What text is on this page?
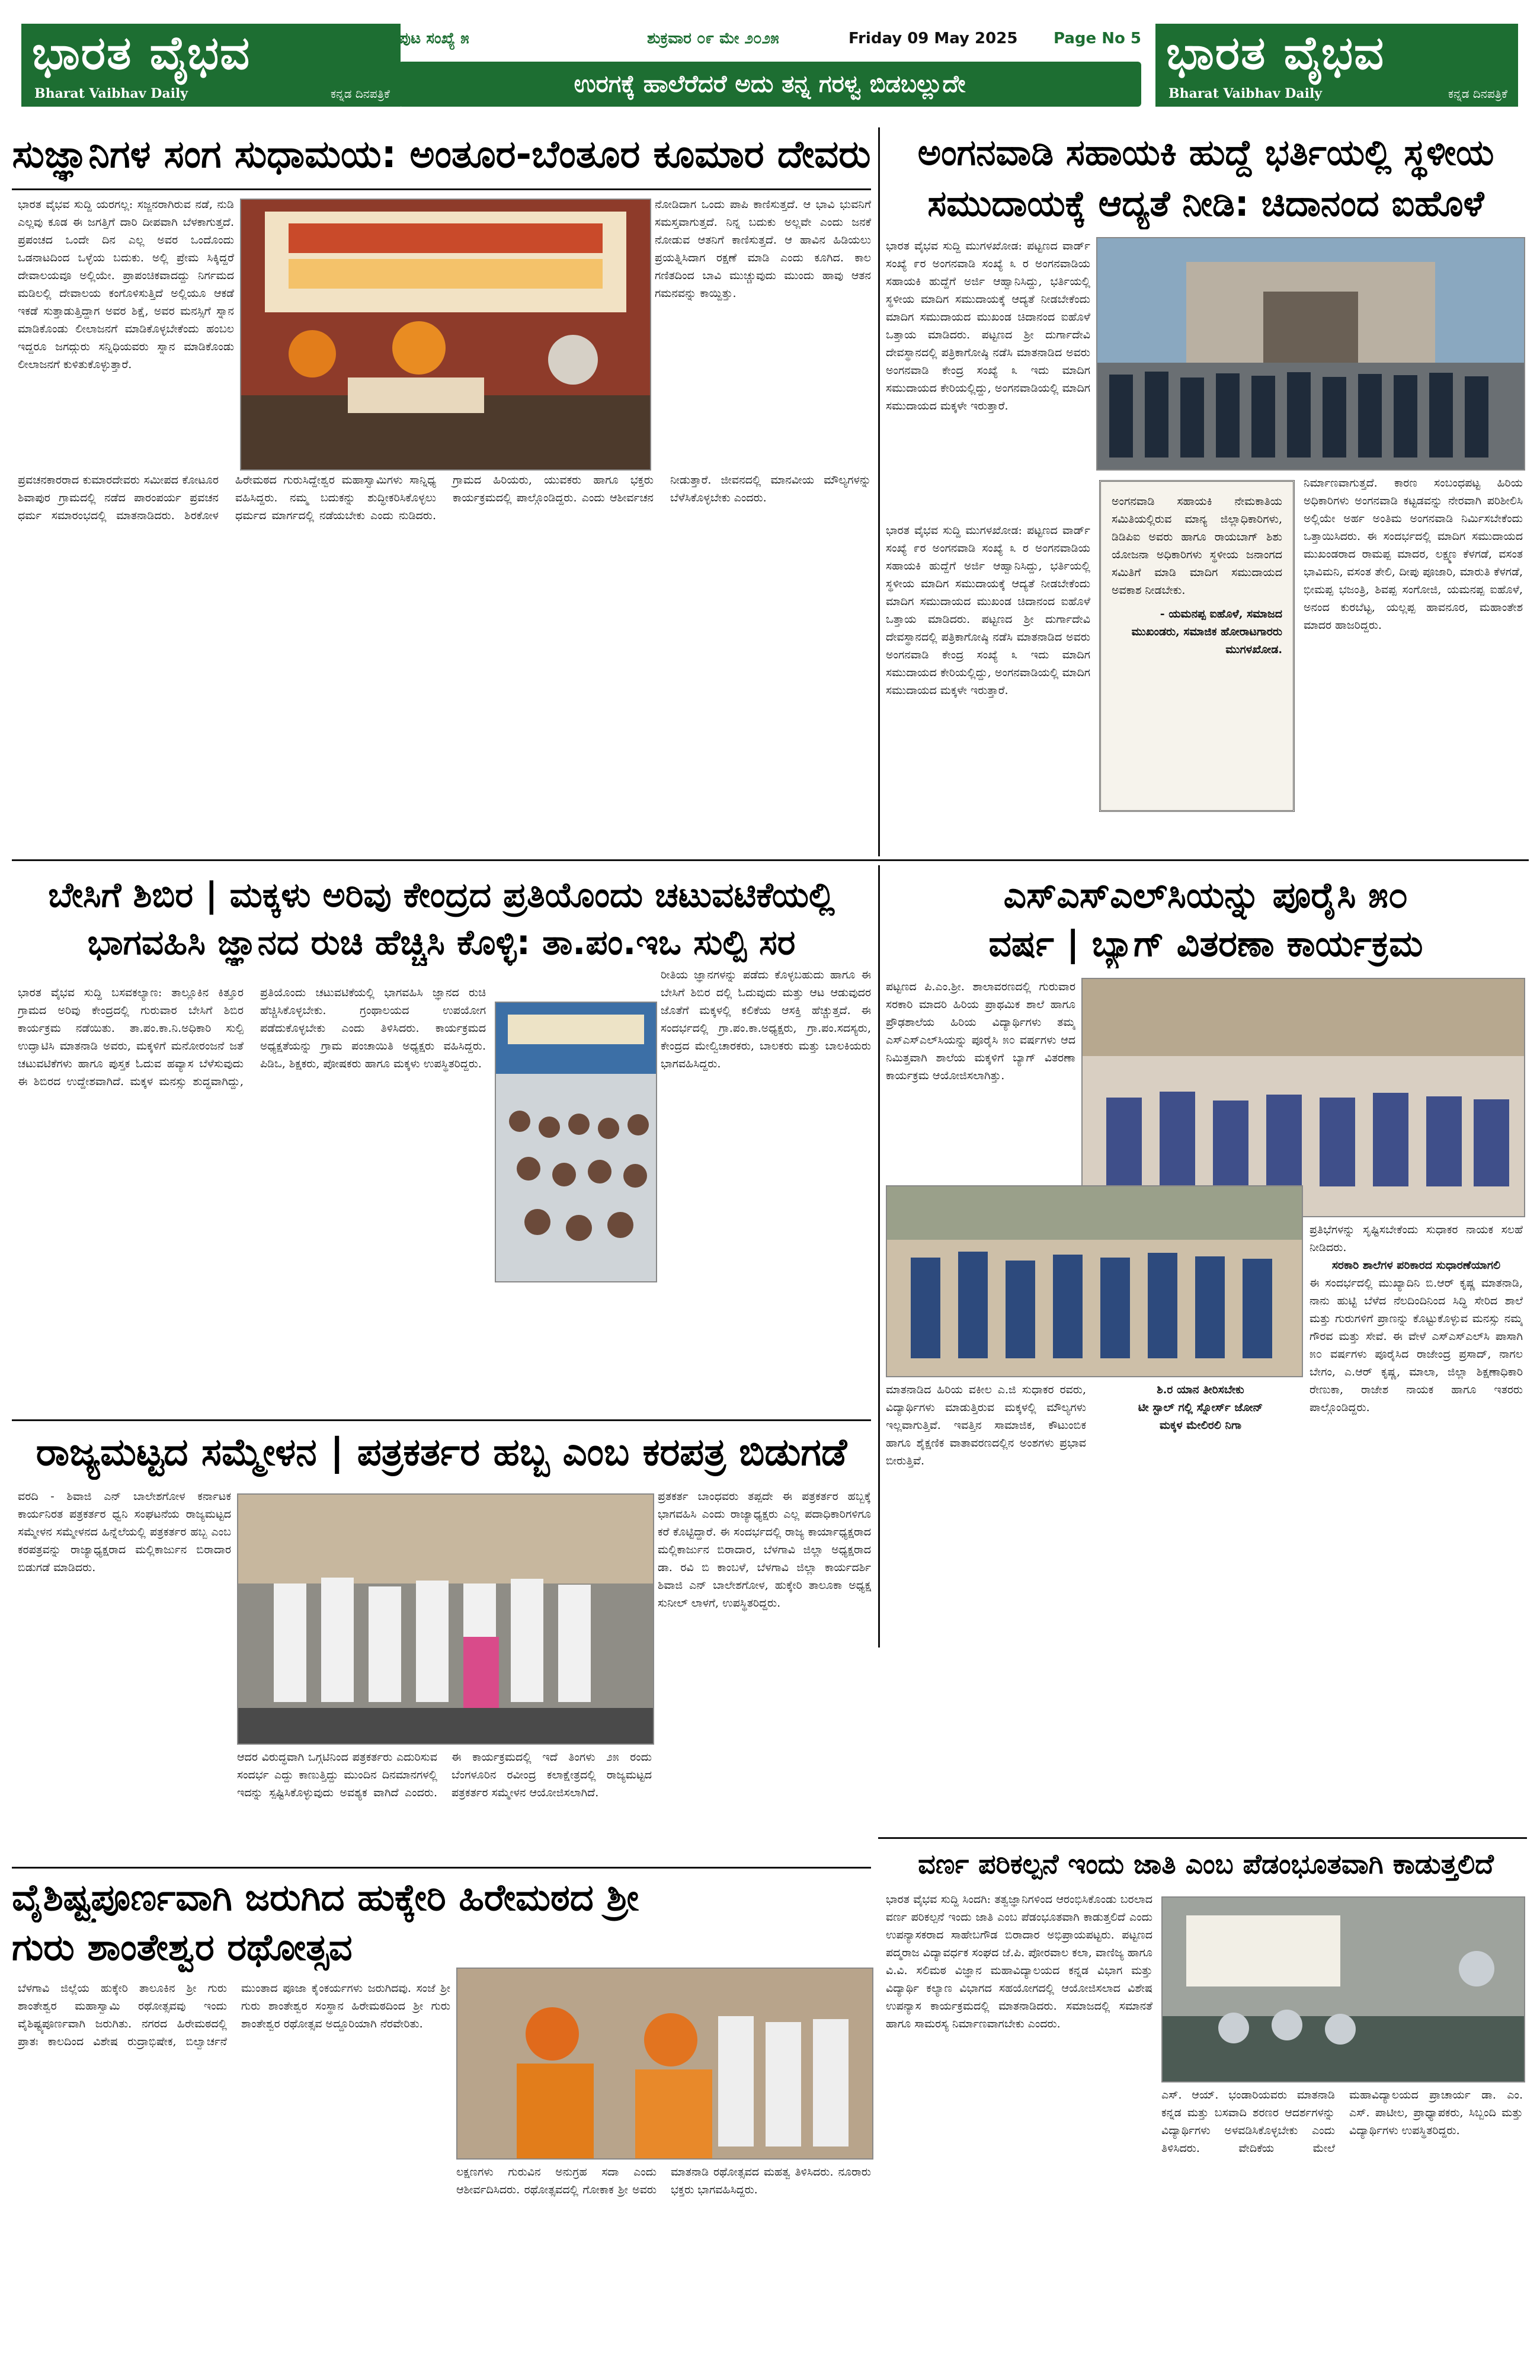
ಭಾರತ ವೈಭವ
Bharat Vaibhav Daily	ಕನ್ನಡ ದಿನಪತ್ರಿಕೆ
ಭಾರತ ವೈಭವ
Bharat Vaibhav Daily	ಕನ್ನಡ ದಿನಪತ್ರಿಕೆ
ಪುಟ ಸಂಖ್ಯೆ ೫	ಶುಕ್ರವಾರ ೦೯ ಮೇ ೨೦೨೫	Friday 09 May 2025 Page No 5
ಉರಗಕ್ಕೆ ಹಾಲೆರೆದರೆ ಅದು ತನ್ನ ಗರಳ್ವ ಬಿಡಬಲ್ಲುದೇ
ಸುಜ್ಞಾನಿಗಳ ಸಂಗ ಸುಧಾಮಯ: ಅಂತೂರ-ಬೆಂತೂರ ಕೂಮಾರ ದೇವರು
ಭಾರತ ವೈಭವ ಸುದ್ದಿ ಯರಗಲ್ಲ: ಸಜ್ಜನರಾಗಿರುವ ನಡೆ, ನುಡಿ ಎಲ್ಲವು ಕೂಡ ಈ ಜಗತ್ತಿಗೆ ದಾರಿ ದೀಪವಾಗಿ ಬೆಳಕಾಗುತ್ತದೆ. ಪ್ರಪಂಚದ ಒಂದೇ ದಿನ ಎಲ್ಲ ಅವರ ಒಂದೊಂದು ಒಡನಾಟದಿಂದ ಒಳ್ಳೆಯ ಬದುಕು. ಅಲ್ಲಿ ಪ್ರೇಮ ಸಿಕ್ಕಿದ್ದರೆ ದೇವಾಲಯವೂ ಅಲ್ಲಿಯೇ. ಪ್ರಾಪಂಚಿಕವಾದದ್ದು ನಿರ್ಗಮದ ಮಡಿಲಲ್ಲಿ ದೇವಾಲಯ ಕಂಗೊಳಿಸುತ್ತಿದೆ ಅಲ್ಲಿಯೂ ಆಕಡೆ ಇಕಡೆ ಸುತ್ತಾಡುತ್ತಿದ್ದಾಗ ಅವರ ಶಿಕ್ಷೆ, ಅವರ ಮನಸ್ಸಿಗೆ ಸ್ನಾನ ಮಾಡಿಕೊಂಡು ಲೀಲಾಜನಗೆ ಮಾಡಿಕೊಳ್ಳಬೇಕೆಂದು ಹಂಬಲ ಇದ್ದರೂ ಜಗದ್ಗುರು ಸನ್ನಿಧಿಯವರು ಸ್ನಾನ ಮಾಡಿಕೊಂಡು ಲೀಲಾಜನಗೆ ಕುಳಿತುಕೊಳ್ಳುತ್ತಾರೆ.
ನೋಡಿದಾಗ ಒಂದು ಪಾಪಿ ಕಾಣಿಸುತ್ತದೆ. ಆ ಭಾವಿ ಭುವನಿಗೆ ಸಮಸ್ತವಾಗುತ್ತದೆ. ನಿನ್ನ ಬದುಕು ಅಲ್ಲವೇ ಎಂದು ಜನಕೆ ನೋಡುವ ಆತನಿಗೆ ಕಾಣಿಸುತ್ತದೆ. ಆ ಹಾವಿನ ಹಿಡಿಯಲು ಪ್ರಯತ್ನಿಸಿದಾಗ ರಕ್ಷಣೆ ಮಾಡಿ ಎಂದು ಕೂಗಿದ. ಕಾಲ ಗಣಿತದಿಂದ ಬಾವಿ ಮುಚ್ಚುವುದು ಮುಂದು ಹಾವು ಆತನ ಗಮನವನ್ನು ಕಾಯ್ದಿತ್ತು.
ಪ್ರವಚನಕಾರರಾದ ಕುಮಾರದೇವರು ಸಮೀಪದ ಕೋಟೂರ ಶಿವಾಪುರ ಗ್ರಾಮದಲ್ಲಿ ನಡೆದ ಪಾರಂಪರ್ಯ ಪ್ರವಚನ ಧರ್ಮ ಸಮಾರಂಭದಲ್ಲಿ ಮಾತನಾಡಿದರು. ಶಿರಕೋಳ ಹಿರೇಮಠದ ಗುರುಸಿದ್ದೇಶ್ವರ ಮಹಾಸ್ವಾಮಿಗಳು ಸಾನ್ನಿಧ್ಯ ವಹಿಸಿದ್ದರು. ನಮ್ಮ ಬದುಕನ್ನು ಶುದ್ಧೀಕರಿಸಿಕೊಳ್ಳಲು ಧರ್ಮದ ಮಾರ್ಗದಲ್ಲಿ ನಡೆಯಬೇಕು ಎಂದು ನುಡಿದರು. ಗ್ರಾಮದ ಹಿರಿಯರು, ಯುವಕರು ಹಾಗೂ ಭಕ್ತರು ಕಾರ್ಯಕ್ರಮದಲ್ಲಿ ಪಾಲ್ಗೊಂಡಿದ್ದರು. ಎಂದು ಆಶೀರ್ವಚನ ನೀಡುತ್ತಾರೆ. ಜೀವನದಲ್ಲಿ ಮಾನವೀಯ ಮೌಲ್ಯಗಳನ್ನು ಬೆಳೆಸಿಕೊಳ್ಳಬೇಕು ಎಂದರು.
ಅಂಗನವಾಡಿ ಸಹಾಯಕಿ ಹುದ್ದೆ ಭರ್ತಿಯಲ್ಲಿ ಸ್ಥಳೀಯ ಸಮುದಾಯಕ್ಕೆ ಆದ್ಯತೆ ನೀಡಿ: ಚಿದಾನಂದ ಐಹೊಳೆ
ಭಾರತ ವೈಭವ ಸುದ್ದಿ ಮುಗಳಖೋಡ: ಪಟ್ಟಣದ ವಾರ್ಡ್ ಸಂಖ್ಯೆ ೯ರ ಅಂಗನವಾಡಿ ಸಂಖ್ಯೆ ೩ ರ ಅಂಗನವಾಡಿಯ ಸಹಾಯಕಿ ಹುದ್ದೆಗೆ ಅರ್ಜಿ ಆಹ್ವಾನಿಸಿದ್ದು, ಭರ್ತಿಯಲ್ಲಿ ಸ್ಥಳೀಯ ಮಾದಿಗ ಸಮುದಾಯಕ್ಕೆ ಆದ್ಯತೆ ನೀಡಬೇಕೆಂದು ಮಾದಿಗ ಸಮುದಾಯದ ಮುಖಂಡ ಚಿದಾನಂದ ಐಹೊಳೆ ಒತ್ತಾಯ ಮಾಡಿದರು. ಪಟ್ಟಣದ ಶ್ರೀ ದುರ್ಗಾದೇವಿ ದೇವಸ್ಥಾನದಲ್ಲಿ ಪತ್ರಿಕಾಗೋಷ್ಠಿ ನಡೆಸಿ ಮಾತನಾಡಿದ ಅವರು ಅಂಗನವಾಡಿ ಕೇಂದ್ರ ಸಂಖ್ಯೆ ೩ ಇದು ಮಾದಿಗ ಸಮುದಾಯದ ಕೇರಿಯಲ್ಲಿದ್ದು, ಅಂಗನವಾಡಿಯಲ್ಲಿ ಮಾದಿಗ ಸಮುದಾಯದ ಮಕ್ಕಳೇ ಇರುತ್ತಾರೆ.
ಭಾರತ ವೈಭವ ಸುದ್ದಿ ಮುಗಳಖೋಡ: ಪಟ್ಟಣದ ವಾರ್ಡ್ ಸಂಖ್ಯೆ ೯ರ ಅಂಗನವಾಡಿ ಸಂಖ್ಯೆ ೩ ರ ಅಂಗನವಾಡಿಯ ಸಹಾಯಕಿ ಹುದ್ದೆಗೆ ಅರ್ಜಿ ಆಹ್ವಾನಿಸಿದ್ದು, ಭರ್ತಿಯಲ್ಲಿ ಸ್ಥಳೀಯ ಮಾದಿಗ ಸಮುದಾಯಕ್ಕೆ ಆದ್ಯತೆ ನೀಡಬೇಕೆಂದು ಮಾದಿಗ ಸಮುದಾಯದ ಮುಖಂಡ ಚಿದಾನಂದ ಐಹೊಳೆ ಒತ್ತಾಯ ಮಾಡಿದರು. ಪಟ್ಟಣದ ಶ್ರೀ ದುರ್ಗಾದೇವಿ ದೇವಸ್ಥಾನದಲ್ಲಿ ಪತ್ರಿಕಾಗೋಷ್ಠಿ ನಡೆಸಿ ಮಾತನಾಡಿದ ಅವರು ಅಂಗನವಾಡಿ ಕೇಂದ್ರ ಸಂಖ್ಯೆ ೩ ಇದು ಮಾದಿಗ ಸಮುದಾಯದ ಕೇರಿಯಲ್ಲಿದ್ದು, ಅಂಗನವಾಡಿಯಲ್ಲಿ ಮಾದಿಗ ಸಮುದಾಯದ ಮಕ್ಕಳೇ ಇರುತ್ತಾರೆ.
ಅಂಗನವಾಡಿ ಸಹಾಯಕಿ ನೇಮಕಾತಿಯ ಸಮಿತಿಯಲ್ಲಿರುವ ಮಾನ್ಯ ಜಿಲ್ಲಾಧಿಕಾರಿಗಳು, ಡಿಡಿಪಿಐ ಅವರು ಹಾಗೂ ರಾಯಬಾಗ್ ಶಿಶು ಯೋಜನಾ ಅಧಿಕಾರಿಗಳು ಸ್ಥಳೀಯ ಜನಾಂಗದ ಸಮಿತಿಗೆ ಮಾಡಿ ಮಾದಿಗ ಸಮುದಾಯದ ಅವಕಾಶ ನೀಡಬೇಕು.
- ಯಮನಪ್ಪ ಐಹೊಳೆ, ಸಮಾಜದ ಮುಖಂಡರು, ಸಮಾಜಿಕ ಹೋರಾಟಗಾರರು ಮುಗಳಖೋಡ.
ನಿರ್ಮಾಣವಾಗುತ್ತದೆ. ಕಾರಣ ಸಂಬಂಧಪಟ್ಟ ಹಿರಿಯ ಅಧಿಕಾರಿಗಳು ಅಂಗನವಾಡಿ ಕಟ್ಟಡವನ್ನು ನೇರವಾಗಿ ಪರಿಶೀಲಿಸಿ ಅಲ್ಲಿಯೇ ಅರ್ಹ ಅಂತಿಮ ಅಂಗನವಾಡಿ ನಿರ್ಮಿಸಬೇಕೆಂದು ಒತ್ತಾಯಿಸಿದರು. ಈ ಸಂದರ್ಭದಲ್ಲಿ ಮಾದಿಗ ಸಮುದಾಯದ ಮುಖಂಡರಾದ ರಾಮಪ್ಪ ಮಾದರ, ಲಕ್ಷ್ಮಣ ಕೆಳಗಡೆ, ವಸಂತ ಭಾವಿಮನಿ, ವಸಂತ ತೇಲಿ, ದೀಪು ಪೂಜಾರಿ, ಮಾರುತಿ ಕೆಳಗಡೆ, ಭೀಮಪ್ಪ ಭಜಂತ್ರಿ, ಶಿವಪ್ಪ ಸಂಗೋಜಿ, ಯಮನಪ್ಪ ಐಹೊಳೆ, ಅನಂದ ಕುರಬೆಟ್ಟ, ಯಲ್ಲಪ್ಪ ಹಾವನೂರ, ಮಹಾಂತೇಶ ಮಾದರ ಹಾಜರಿದ್ದರು.
ಬೇಸಿಗೆ ಶಿಬಿರ | ಮಕ್ಕಳು ಅರಿವು ಕೇಂದ್ರದ ಪ್ರತಿಯೊಂದು ಚಟುವಟಿಕೆಯಲ್ಲಿ
ಭಾಗವಹಿಸಿ ಜ್ಞಾನದ ರುಚಿ ಹೆಚ್ಚಿಸಿ ಕೊಳ್ಳಿ: ತಾ.ಪಂ.ಇಒ ಸುಲ್ಪಿ ಸರ
ಭಾರತ ವೈಭವ ಸುದ್ದಿ ಬಸವಕಲ್ಯಾಣ: ತಾಲ್ಲೂಕಿನ ಕಿತ್ತೂರ ಗ್ರಾಮದ ಅರಿವು ಕೇಂದ್ರದಲ್ಲಿ ಗುರುವಾರ ಬೇಸಿಗೆ ಶಿಬಿರ ಕಾರ್ಯಕ್ರಮ ನಡೆಯಿತು. ತಾ.ಪಂ.ಕಾ.ನಿ.ಅಧಿಕಾರಿ ಸುಲ್ಪಿ ಉದ್ಘಾಟಿಸಿ ಮಾತನಾಡಿ ಅವರು, ಮಕ್ಕಳಿಗೆ ಮನೋರಂಜನೆ ಜತೆ ಚಟುವಟಿಕೆಗಳು ಹಾಗೂ ಪುಸ್ತಕ ಓದುವ ಹವ್ಯಾಸ ಬೆಳೆಸುವುದು ಈ ಶಿಬಿರದ ಉದ್ದೇಶವಾಗಿದೆ. ಮಕ್ಕಳ ಮನಸ್ಸು ಶುದ್ಧವಾಗಿದ್ದು, ಪ್ರತಿಯೊಂದು ಚಟುವಟಿಕೆಯಲ್ಲಿ ಭಾಗವಹಿಸಿ ಜ್ಞಾನದ ರುಚಿ ಹೆಚ್ಚಿಸಿಕೊಳ್ಳಬೇಕು. ಗ್ರಂಥಾಲಯದ ಉಪಯೋಗ ಪಡೆದುಕೊಳ್ಳಬೇಕು ಎಂದು ತಿಳಿಸಿದರು. ಕಾರ್ಯಕ್ರಮದ ಅಧ್ಯಕ್ಷತೆಯನ್ನು ಗ್ರಾಮ ಪಂಚಾಯಿತಿ ಅಧ್ಯಕ್ಷರು ವಹಿಸಿದ್ದರು. ಪಿಡಿಒ, ಶಿಕ್ಷಕರು, ಪೋಷಕರು ಹಾಗೂ ಮಕ್ಕಳು ಉಪಸ್ಥಿತರಿದ್ದರು.
ರೀತಿಯ ಜ್ಞಾನಗಳನ್ನು ಪಡೆದು ಕೊಳ್ಳಬಹುದು ಹಾಗೂ ಈ ಬೇಸಿಗೆ ಶಿಬಿರ ದಲ್ಲಿ ಓದುವುದು ಮತ್ತು ಆಟ ಆಡುವುದರ ಜೊತೆಗೆ ಮಕ್ಕಳಲ್ಲಿ ಕಲಿಕೆಯ ಆಸಕ್ತಿ ಹೆಚ್ಚುತ್ತದೆ. ಈ ಸಂದರ್ಭದಲ್ಲಿ ಗ್ರಾ.ಪಂ.ಕಾ.ಅಧ್ಯಕ್ಷರು, ಗ್ರಾ.ಪಂ.ಸದಸ್ಯರು, ಕೇಂದ್ರದ ಮೇಲ್ವಿಚಾರಕರು, ಬಾಲಕರು ಮತ್ತು ಬಾಲಕಿಯರು ಭಾಗವಹಿಸಿದ್ದರು.
ಎಸ್‌ಎಸ್‌ಎಲ್‌ಸಿಯನ್ನು ಪೂರೈಸಿ ೫೦
ವರ್ಷ | ಬ್ಯಾಗ್ ವಿತರಣಾ ಕಾರ್ಯಕ್ರಮ
ಪಟ್ಟಣದ ಪಿ.ಎಂ.ಶ್ರೀ. ಶಾಲಾವರಣದಲ್ಲಿ ಗುರುವಾರ ಸರಕಾರಿ ಮಾದರಿ ಹಿರಿಯ ಪ್ರಾಥಮಿಕ ಶಾಲೆ ಹಾಗೂ ಪ್ರೌಢಶಾಲೆಯ ಹಿರಿಯ ವಿದ್ಯಾರ್ಥಿಗಳು ತಮ್ಮ ಎಸ್‌ಎಸ್‌ಎಲ್‌ಸಿಯನ್ನು ಪೂರೈಸಿ ೫೦ ವರ್ಷಗಳು ಆದ ನಿಮಿತ್ತವಾಗಿ ಶಾಲೆಯ ಮಕ್ಕಳಿಗೆ ಬ್ಯಾಗ್ ವಿತರಣಾ ಕಾರ್ಯಕ್ರಮ ಆಯೋಜಿಸಲಾಗಿತ್ತು.
ಪ್ರತಿಭೆಗಳನ್ನು ಸೃಷ್ಟಿಸಬೇಕೆಂದು ಸುಧಾಕರ ನಾಯಕ ಸಲಹೆ ನೀಡಿದರು.
ಸರಕಾರಿ ಶಾಲೆಗಳ ಪರಿಕಾರದ ಸುಧಾರಣೆಯಾಗಲಿ
ಈ ಸಂದರ್ಭದಲ್ಲಿ ಮುಖ್ಯಾದಿನಿ ಬಿ.ಆರ್ ಕೃಷ್ಣ ಮಾತನಾಡಿ, ನಾನು ಹುಟ್ಟಿ ಬೆಳೆದ ನೆಲದಿಂದಿನಿಂದ ಸಿದ್ಧಿ ಸೇರಿದ ಶಾಲೆ ಮತ್ತು ಗುರುಗಳಿಗೆ ಪ್ರಾಣನ್ನು ಕೊಟ್ಟುಕೊಳ್ಳುವ ಮನಸ್ಸು ನಮ್ಮ ಗೌರವ ಮತ್ತು ಸೇವೆ. ಈ ವೇಳೆ ಎಸ್‌ಎಸ್‌ಎಲ್‌ಸಿ ಪಾಸಾಗಿ ೫೦ ವರ್ಷಗಳು ಪೂರೈಸಿದ ರಾಜೇಂದ್ರ ಪ್ರಸಾದ್, ನಾಗಲ ಬೇಗಂ, ಎ.ಆರ್ ಕೃಷ್ಣ, ಮಾಲಾ, ಜಿಲ್ಲಾ ಶಿಕ್ಷಣಾಧಿಕಾರಿ ರೇಣುಕಾ, ರಾಜೇಶ ನಾಯಕ ಹಾಗೂ ಇತರರು ಪಾಲ್ಗೊಂಡಿದ್ದರು.
ಮಾತನಾಡಿದ ಹಿರಿಯ ವಕೀಲ ಎ.ಜಿ ಸುಧಾಕರ ರವರು, ವಿದ್ಯಾರ್ಥಿಗಳು ಮಾಡುತ್ತಿರುವ ಮಕ್ಕಳಲ್ಲಿ ಮೌಲ್ಯಗಳು ಇಲ್ಲವಾಗುತ್ತಿವೆ. ಇವತ್ತಿನ ಸಾಮಾಜಿಕ, ಕೌಟುಂಬಿಕ ಹಾಗೂ ಶೈಕ್ಷಣಿಕ ವಾತಾವರಣದಲ್ಲಿನ ಅಂಶಗಳು ಪ್ರಭಾವ ಬೀರುತ್ತಿವೆ.
ಶಿ.ರ ಯಾನ ತೀರಿಸಬೇಕು
ಟೀ ಸ್ಟಾಲ್ ಗಲ್ಲಿ ಸ್ನೋರ್ಸ್ ಜೋನ್
ಮಕ್ಕಳ ಮೇಲಿರಲಿ ನಿಗಾ
ರಾಜ್ಯಮಟ್ಟದ ಸಮ್ಮೇಳನ | ಪತ್ರಕರ್ತರ ಹಬ್ಬ ಎಂಬ ಕರಪತ್ರ ಬಿಡುಗಡೆ
ವರದಿ - ಶಿವಾಜಿ ಎನ್ ಬಾಲೇಶಗೋಳ ಕರ್ನಾಟಕ ಕಾರ್ಯನಿರತ ಪತ್ರಕರ್ತರ ಧ್ವನಿ ಸಂಘಟನೆಯ ರಾಜ್ಯಮಟ್ಟದ ಸಮ್ಮೇಳನ ಸಮ್ಮೇಳನದ ಹಿನ್ನೆಲೆಯಲ್ಲಿ ಪತ್ರಕರ್ತರ ಹಬ್ಬ ಎಂಬ ಕರಪತ್ರವನ್ನು ರಾಜ್ಯಾಧ್ಯಕ್ಷರಾದ ಮಲ್ಲಿಕಾರ್ಜುನ ಬಿರಾದಾರ ಬಿಡುಗಡೆ ಮಾಡಿದರು.
ಪ್ರತಕರ್ತ ಬಾಂಧವರು ತಪ್ಪದೇ ಈ ಪತ್ರಕರ್ತರ ಹಬ್ಬಕ್ಕೆ ಭಾಗವಹಿಸಿ ಎಂದು ರಾಜ್ಯಾಧ್ಯಕ್ಷರು ಎಲ್ಲ ಪದಾಧಿಕಾರಿಗಳಿಗೂ ಕರೆ ಕೊಟ್ಟಿದ್ದಾರೆ. ಈ ಸಂದರ್ಭದಲ್ಲಿ ರಾಜ್ಯ ಕಾರ್ಯಾಧ್ಯಕ್ಷರಾದ ಮಲ್ಲಿಕಾರ್ಜುನ ಬಿರಾದಾರ, ಬೆಳಗಾವಿ ಜಿಲ್ಲಾ ಅಧ್ಯಕ್ಷರಾದ ಡಾ. ರವಿ ಬಿ ಕಾಂಬಳೆ, ಬೆಳಗಾವಿ ಜಿಲ್ಲಾ ಕಾರ್ಯದರ್ಶಿ ಶಿವಾಜಿ ಎನ್ ಬಾಲೇಶಗೋಳ, ಹುಕ್ಕೇರಿ ತಾಲೂಕಾ ಅಧ್ಯಕ್ಷ ಸುನೀಲ್ ಲಾಳಗೆ, ಉಪಸ್ಥಿತರಿದ್ದರು.
ಆದರ ವಿರುದ್ಧವಾಗಿ ಒಗ್ಗಟಿನಿಂದ ಪತ್ರಕರ್ತರು ಎದುರಿಸುವ ಸಂದರ್ಭ ಎದ್ದು ಕಾಣುತ್ತಿದ್ದು ಮುಂದಿನ ದಿನಮಾನಗಳಲ್ಲಿ ಇದನ್ನು ಸ್ಪಷ್ಟಿಸಿಕೊಳ್ಳುವುದು ಅವಶ್ಯಕ ವಾಗಿದೆ ಎಂದರು. ಈ ಕಾರ್ಯಕ್ರಮದಲ್ಲಿ ಇದೆ ತಿಂಗಳು ೨೫ ರಂದು ಬೆಂಗಳೂರಿನ ರವೀಂದ್ರ ಕಲಾಕ್ಷೇತ್ರದಲ್ಲಿ ರಾಜ್ಯಮಟ್ಟದ ಪತ್ರಕರ್ತರ ಸಮ್ಮೇಳನ ಆಯೋಜಿಸಲಾಗಿದೆ.
ವೈಶಿಷ್ಟ್ಯಪೂರ್ಣವಾಗಿ ಜರುಗಿದ ಹುಕ್ಕೇರಿ ಹಿರೇಮಠದ ಶ್ರೀ
ಗುರು ಶಾಂತೇಶ್ವರ ರಥೋತ್ಸವ
ಬೆಳಗಾವಿ ಜಿಲ್ಲೆಯ ಹುಕ್ಕೇರಿ ತಾಲೂಕಿನ ಶ್ರೀ ಗುರು ಶಾಂತೇಶ್ವರ ಮಹಾಸ್ವಾಮಿ ರಥೋತ್ಸವವು ಇಂದು ವೈಶಿಷ್ಟ್ಯಪೂರ್ಣವಾಗಿ ಜರುಗಿತು. ನಗರದ ಹಿರೇಮಠದಲ್ಲಿ ಪ್ರಾತಃ ಕಾಲದಿಂದ ವಿಶೇಷ ರುದ್ರಾಭಿಷೇಕ, ಬಿಲ್ವಾರ್ಚನೆ ಮುಂತಾದ ಪೂಜಾ ಕೈಂಕರ್ಯಗಳು ಜರುಗಿದವು. ಸಂಜೆ ಶ್ರೀ ಗುರು ಶಾಂತೇಶ್ವರ ಸಂಸ್ಥಾನ ಹಿರೇಮಠದಿಂದ ಶ್ರೀ ಗುರು ಶಾಂತೇಶ್ವರ ರಥೋತ್ಸವ ಅದ್ದೂರಿಯಾಗಿ ನೆರವೇರಿತು.
ಲಕ್ಷಣಗಳು ಗುರುವಿನ ಅನುಗ್ರಹ ಸದಾ ಎಂದು ಆಶೀರ್ವದಿಸಿದರು. ರಥೋತ್ಸವದಲ್ಲಿ ಗೋಕಾಕ ಶ್ರೀ ಅವರು ಮಾತನಾಡಿ ರಥೋತ್ಸವದ ಮಹತ್ವ ತಿಳಿಸಿದರು. ನೂರಾರು ಭಕ್ತರು ಭಾಗವಹಿಸಿದ್ದರು.
ವರ್ಣ ಪರಿಕಲ್ಪನೆ ಇಂದು ಜಾತಿ ಎಂಬ ಪೆಡಂಭೂತವಾಗಿ ಕಾಡುತ್ತಲಿದೆ
ಭಾರತ ವೈಭವ ಸುದ್ದಿ ಸಿಂದಗಿ: ತತ್ವಜ್ಞಾನಿಗಳಿಂದ ಆರಂಭಿಸಿಕೊಂಡು ಬರಲಾದ ವರ್ಣ ಪರಿಕಲ್ಪನೆ ಇಂದು ಜಾತಿ ಎಂಬ ಪೆಡಂಭೂತವಾಗಿ ಕಾಡುತ್ತಲಿದೆ ಎಂದು ಉಪನ್ಯಾಸಕರಾದ ಸಾಹೇಬಗೌಡ ಬಿರಾದಾರ ಅಭಿಪ್ರಾಯಪಟ್ಟರು. ಪಟ್ಟಣದ ಪದ್ಮರಾಜ ವಿದ್ಯಾವರ್ಧಕ ಸಂಘದ ಜೆ.ಪಿ. ಪೋರವಾಲ ಕಲಾ, ವಾಣಿಜ್ಯ ಹಾಗೂ ವಿ.ವಿ. ಸಲಿಮಠ ವಿಜ್ಞಾನ ಮಹಾವಿದ್ಯಾಲಯದ ಕನ್ನಡ ವಿಭಾಗ ಮತ್ತು ವಿದ್ಯಾರ್ಥಿ ಕಲ್ಯಾಣ ವಿಭಾಗದ ಸಹಯೋಗದಲ್ಲಿ ಆಯೋಜಿಸಲಾದ ವಿಶೇಷ ಉಪನ್ಯಾಸ ಕಾರ್ಯಕ್ರಮದಲ್ಲಿ ಮಾತನಾಡಿದರು. ಸಮಾಜದಲ್ಲಿ ಸಮಾನತೆ ಹಾಗೂ ಸಾಮರಸ್ಯ ನಿರ್ಮಾಣವಾಗಬೇಕು ಎಂದರು.
ಎಸ್. ಆಯ್. ಭಂಡಾರಿಯವರು ಮಾತನಾಡಿ ಕನ್ನಡ ಮತ್ತು ಬಸವಾದಿ ಶರಣರ ಆದರ್ಶಗಳನ್ನು ವಿದ್ಯಾರ್ಥಿಗಳು ಅಳವಡಿಸಿಕೊಳ್ಳಬೇಕು ಎಂದು ತಿಳಿಸಿದರು. ವೇದಿಕೆಯ ಮೇಲೆ ಮಹಾವಿದ್ಯಾಲಯದ ಪ್ರಾಚಾರ್ಯ ಡಾ. ಎಂ. ಎಸ್. ಪಾಟೀಲ, ಪ್ರಾಧ್ಯಾಪಕರು, ಸಿಬ್ಬಂದಿ ಮತ್ತು ವಿದ್ಯಾರ್ಥಿಗಳು ಉಪಸ್ಥಿತರಿದ್ದರು.
